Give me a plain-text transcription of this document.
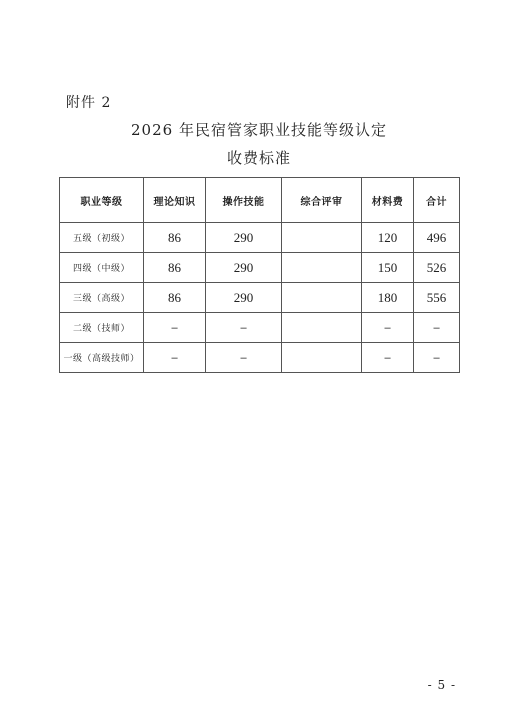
附件 2
2026 年民宿管家职业技能等级认定
收费标准
职业等级	理论知识	操作技能	综合评审	材料费	合计
五级（初级）	86	290		120	496
四级（中级）	86	290		150	526
三级（高级）	86	290		180	556
二级（技师）	–	–		–	–
一级（高级技师）	–	–		–	–
- 5 -
